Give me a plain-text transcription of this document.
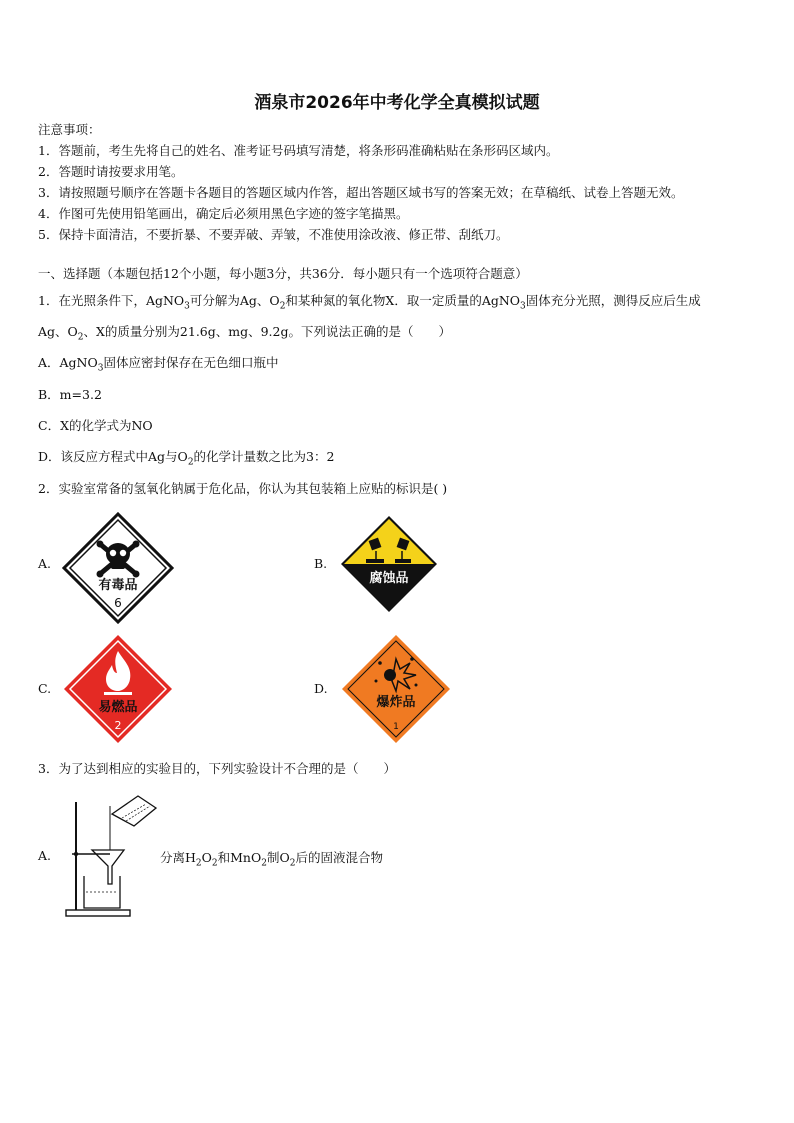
酒泉市2026年中考化学全真模拟试题
注意事项：
1．答题前，考生先将自己的姓名、准考证号码填写清楚，将条形码准确粘贴在条形码区域内。
2．答题时请按要求用笔。
3．请按照题号顺序在答题卡各题目的答题区域内作答，超出答题区域书写的答案无效；在草稿纸、试卷上答题无效。
4．作图可先使用铅笔画出，确定后必须用黑色字迹的签字笔描黑。
5．保持卡面清洁，不要折暴、不要弄破、弄皱，不准使用涂改液、修正带、刮纸刀。
一、选择题（本题包括12个小题，每小题3分，共36分．每小题只有一个选项符合题意）
1．在光照条件下，AgNO$_3$可分解为Ag、$O_2$和某种氮的氧化物X．取一定质量的AgNO$_3$固体充分光照，测得反应后生成
Ag、$O_2$、X的质量分别为21.6g、mg、9.2g。下列说法正确的是（　　）
A．AgNO$_3$固体应密封保存在无色细口瓶中
B．m=3.2
C．X的化学式为NO
D．该反应方程式中Ag与$O_2$的化学计量数之比为3：2
2．实验室常备的氢氧化钠属于危化品，你认为其包装箱上应贴的标识是( )
A.
有毒品
6
B.
腐蚀品
C.
易燃品
2
D.
爆炸品
1
3．为了达到相应的实验目的，下列实验设计不合理的是（　　）
A.	分离$H_2O_2$和MnO$_2$制$O_2$后的固液混合物
